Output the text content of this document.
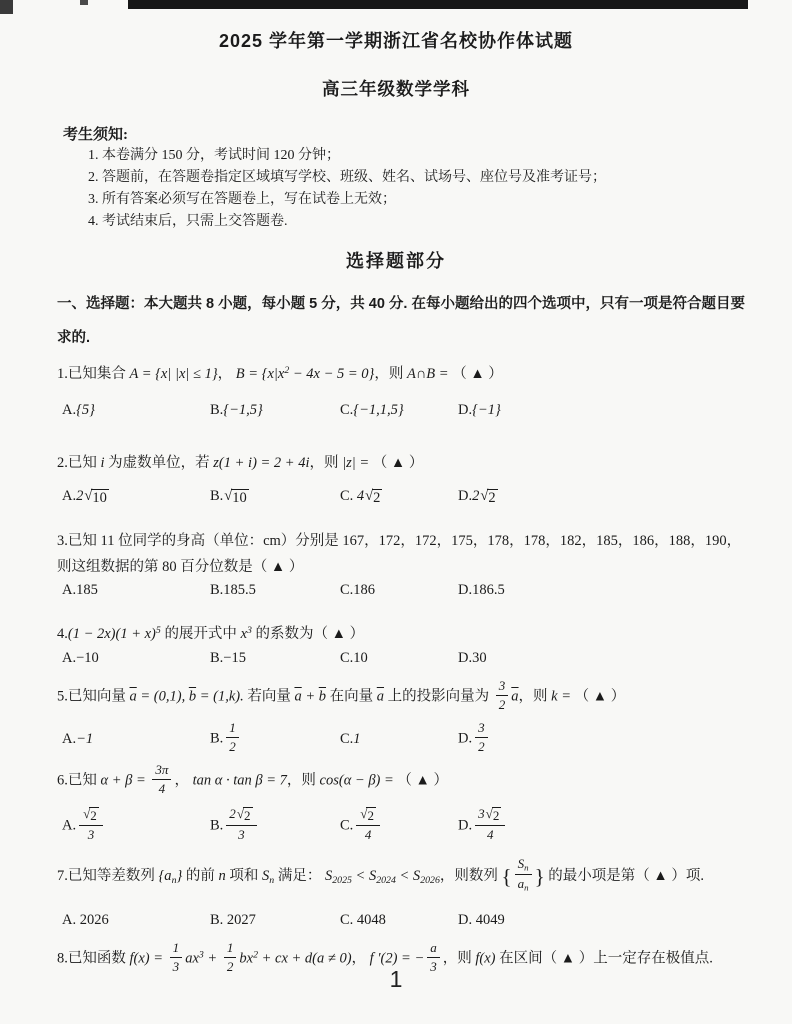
2025 学年第一学期浙江省名校协作体试题
高三年级数学学科
考生须知:
1. 本卷满分 150 分，考试时间 120 分钟；
2. 答题前，在答题卷指定区域填写学校、班级、姓名、试场号、座位号及准考证号；
3. 所有答案必须写在答题卷上，写在试卷上无效；
4. 考试结束后，只需上交答题卷.
选择题部分
一、选择题：本大题共 8 小题，每小题 5 分，共 40 分. 在每小题给出的四个选项中，只有一项是符合题目要求的.
1.已知集合 A = {x| |x| ≤ 1}， $B = \{x|x^2 - 4x - 5 = 0\}$，则 A∩B = （ ▲ ）
A.{5}	B.{−1,5}	C.{−1,1,5}	D.{−1}
2.已知 i 为虚数单位，若 z(1 + i) = 2 + 4i，则 |z| = （ ▲ ）
A.2 √ 10	B. √ 10	C. 4 √ 2	D.2 √ 2
3.已知 11 位同学的身高（单位：cm）分别是 167，172，172，175，178，178，182，185，186，188，190，则这组数据的第 80 百分位数是（ ▲ ）
A.185	B.185.5	C.186	D.186.5
$4.(1 - 2x)(1 + x)^5$ 的展开式中 $x^3$ 的系数为（ ▲ ）
A.−10	B.−15	C.10	D.30
5.已知向量 $\overline{a} = (0,1)$, $\overline{b} = (1,k)$. 若向量 $\overline{a} + \overline{b}$ 在向量 $\overline{a}$ 上的投影向量为 $\frac{3}{2} \overline{a}$，则 k = （ ▲ ）
A.−1	B. $\frac{1}{2}$	C.1	D. $\frac{3}{2}$
6.已知 $\alpha + \beta = \frac{3\pi}{4}$ ， tan α · tan β = 7，则 cos(α − β) = （ ▲ ）
A. $\frac{√ 2}{3}$	B. $\frac{2 √ 2}{3}$	C. $\frac{√ 2}{4}$	D. $\frac{3 √ 2}{4}$
7.已知等差数列 $\{a_n\}$ 的前 n 项和 $S_n$ 满足： $S_{2025} < S_{2024} < S_{2026}$，则数列 { $\frac{S_n}{a_n}$ } 的最小项是第（ ▲ ）项.
A. 2026	B. 2027	C. 4048	D. 4049
8.已知函数 $f(x) = \frac{1}{3} ax^3 + \frac{1}{2} bx^2$ + cx + d(a ≠ 0)， f ′(2) = − $\frac{a}{3}$ ，则 f(x) 在区间（ ▲ ）上一定存在极值点.
1
